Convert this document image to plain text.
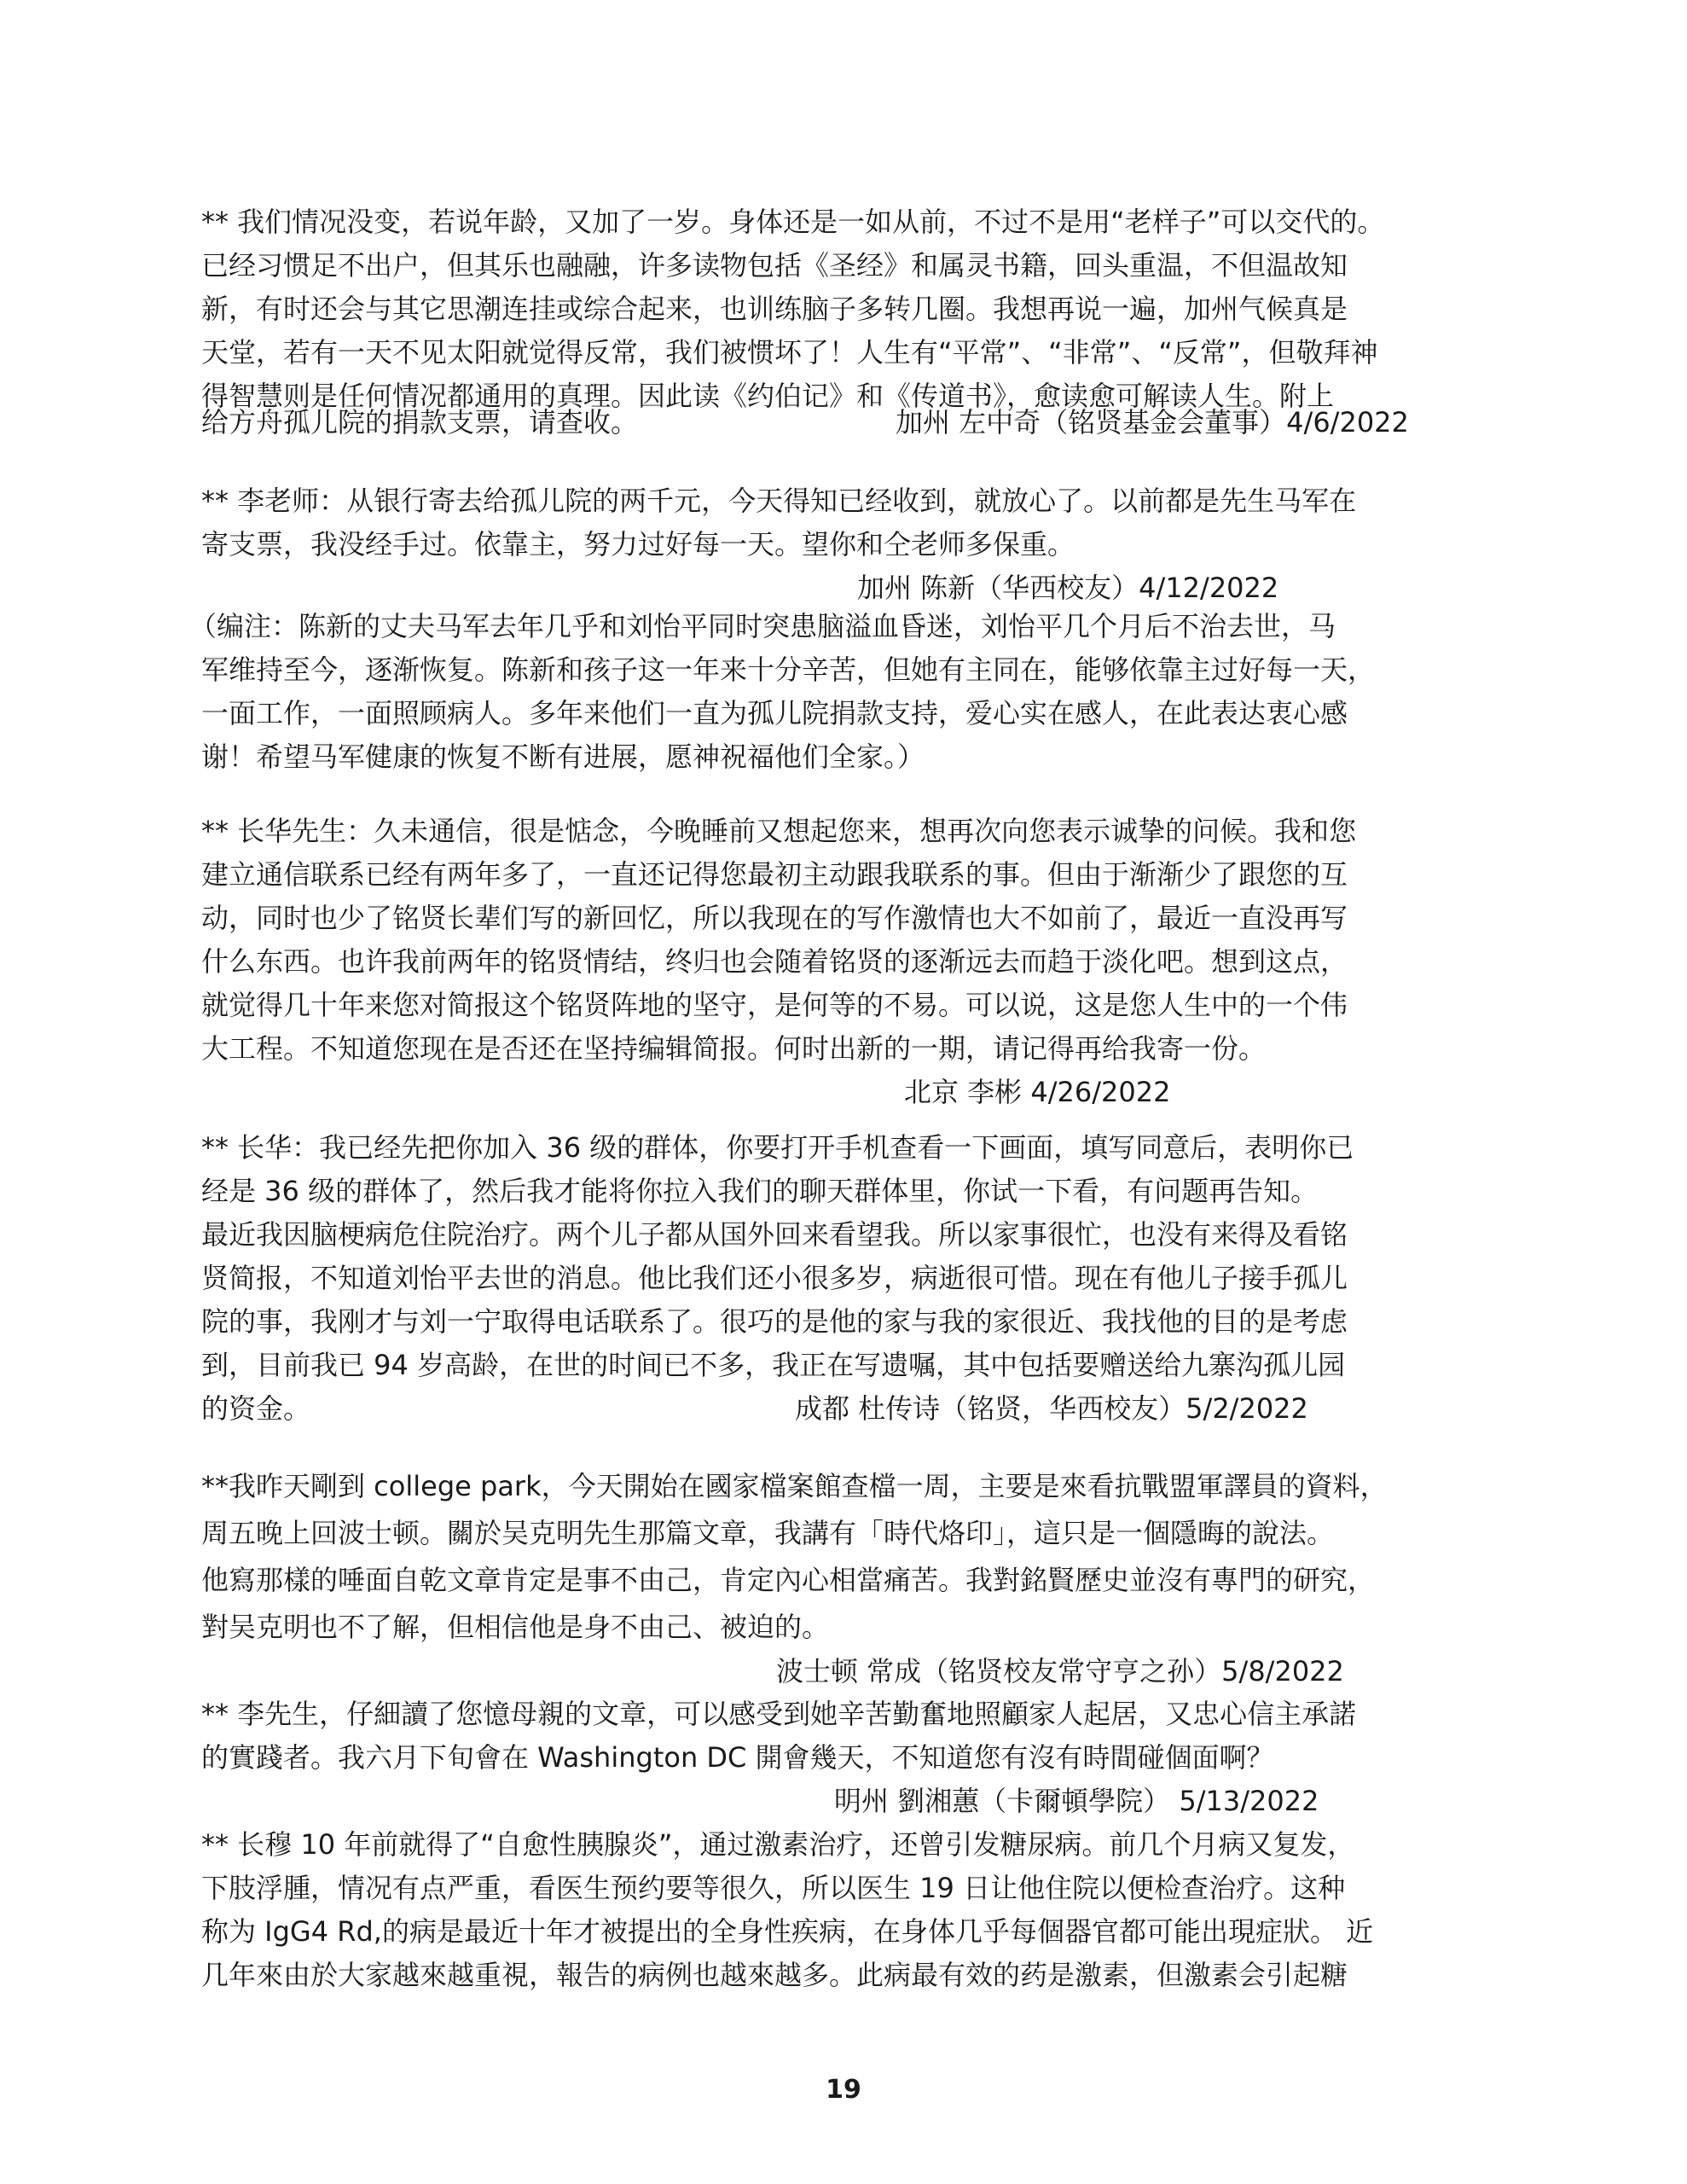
** 我们情况没变，若说年龄，又加了一岁。身体还是一如从前，不过不是用“老样子”可以交代的。
已经习惯足不出户，但其乐也融融，许多读物包括《圣经》和属灵书籍，回头重温，不但温故知
新，有时还会与其它思潮连挂或综合起来，也训练脑子多转几圈。我想再说一遍，加州气候真是
天堂，若有一天不见太阳就觉得反常，我们被惯坏了！人生有“平常”、“非常”、“反常”，但敬拜神
得智慧则是任何情况都通用的真理。因此读《约伯记》和《传道书》，愈读愈可解读人生。附上
给方舟孤儿院的捐款支票，请查收。	加州 左中奇（铭贤基金会董事）4/6/2022
** 李老师：从银行寄去给孤儿院的两千元，今天得知已经收到，就放心了。以前都是先生马军在
寄支票，我没经手过。依靠主，努力过好每一天。望你和仝老师多保重。
加州 陈新（华西校友）4/12/2022
（编注：陈新的丈夫马军去年几乎和刘怡平同时突患脑溢血昏迷，刘怡平几个月后不治去世，马
军维持至今，逐渐恢复。陈新和孩子这一年来十分辛苦，但她有主同在，能够依靠主过好每一天，
一面工作，一面照顾病人。多年来他们一直为孤儿院捐款支持，爱心实在感人，在此表达衷心感
谢！希望马军健康的恢复不断有进展，愿神祝福他们全家。）
** 长华先生：久未通信，很是惦念，今晚睡前又想起您来，想再次向您表示诚挚的问候。我和您
建立通信联系已经有两年多了，一直还记得您最初主动跟我联系的事。但由于渐渐少了跟您的互
动，同时也少了铭贤长辈们写的新回忆，所以我现在的写作激情也大不如前了，最近一直没再写
什么东西。也许我前两年的铭贤情结，终归也会随着铭贤的逐渐远去而趋于淡化吧。想到这点，
就觉得几十年来您对简报这个铭贤阵地的坚守，是何等的不易。可以说，这是您人生中的一个伟
大工程。不知道您现在是否还在坚持编辑简报。何时出新的一期，请记得再给我寄一份。
北京 李彬 4/26/2022
** 长华：我已经先把你加入 36 级的群体，你要打开手机查看一下画面，填写同意后，表明你已
经是 36 级的群体了，然后我才能将你拉入我们的聊天群体里，你试一下看，有问题再告知。
最近我因脑梗病危住院治疗。两个儿子都从国外回来看望我。所以家事很忙，也没有来得及看铭
贤简报，不知道刘怡平去世的消息。他比我们还小很多岁，病逝很可惜。现在有他儿子接手孤儿
院的事，我刚才与刘一宁取得电话联系了。很巧的是他的家与我的家很近、我找他的目的是考虑
到，目前我已 94 岁高龄，在世的时间已不多，我正在写遗嘱，其中包括要赠送给九寨沟孤儿园
的资金。	成都 杜传诗（铭贤，华西校友）5/2/2022
**我昨天剛到 college park，今天開始在國家檔案館查檔一周，主要是來看抗戰盟軍譯員的資料，
周五晚上回波士顿。關於吴克明先生那篇文章，我講有「時代烙印」，這只是一個隱晦的說法。
他寫那樣的唾面自乾文章肯定是事不由己，肯定內心相當痛苦。我對銘賢歷史並沒有專門的研究，
對吴克明也不了解，但相信他是身不由己、被迫的。
波士顿 常成（铭贤校友常守亨之孙）5/8/2022
** 李先生，仔細讀了您憶母親的文章，可以感受到她辛苦勤奮地照顧家人起居，又忠心信主承諾
的實踐者。我六月下旬會在 Washington DC 開會幾天，不知道您有沒有時間碰個面啊？
明州 劉湘蕙（卡爾頓學院） 5/13/2022
** 长穆 10 年前就得了“自愈性胰腺炎”，通过激素治疗，还曾引发糖尿病。前几个月病又复发，
下肢浮腫，情况有点严重，看医生预约要等很久，所以医生 19 日让他住院以便检查治疗。这种
称为 IgG4 Rd,的病是最近十年才被提出的全身性疾病，在身体几乎每個器官都可能出現症狀。 近
几年來由於大家越來越重視，報告的病例也越來越多。此病最有效的药是激素，但激素会引起糖
19
